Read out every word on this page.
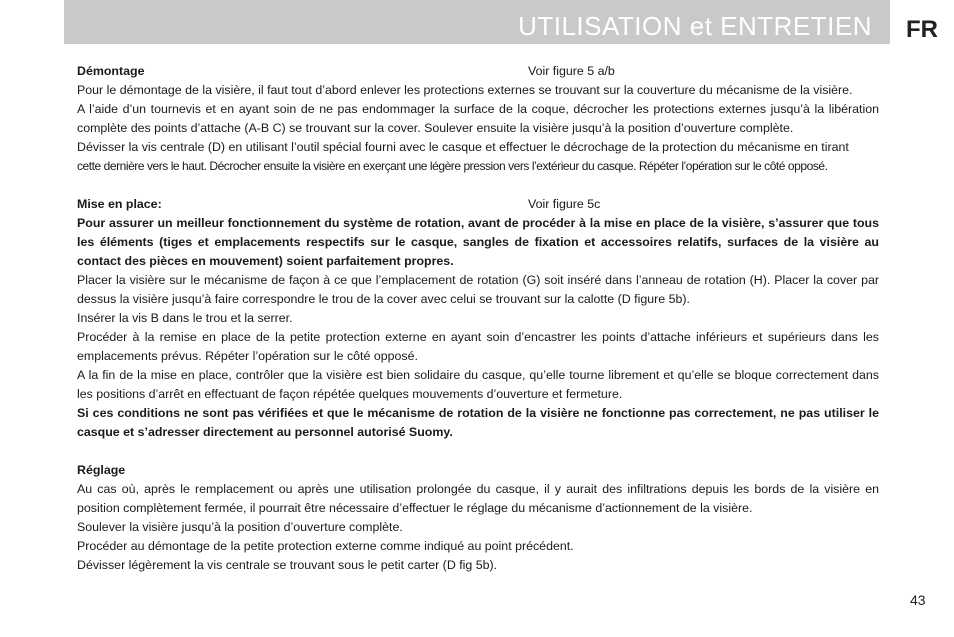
UTILISATION et ENTRETIEN FR
Démontage	Voir figure 5 a/b

Pour le démontage de la visière, il faut tout d’abord enlever les protections externes se trouvant sur la couverture du mécanisme de la visière.

A l’aide d’un tournevis et en ayant soin de ne pas endommager la surface de la coque, décrocher les protections externes jusqu’à la libération complète des points d’attache (A-B C) se trouvant sur la cover. Soulever ensuite la visière jusqu’à la position d’ouverture complète.

Dévisser la vis centrale (D) en utilisant l’outil spécial fourni avec le casque et effectuer le décrochage de la protection du mécanisme en tirant

cette dernière vers le haut. Décrocher ensuite la visière en exerçant une légère pression vers l’extérieur du casque. Répéter l’opération sur le côté opposé.

Mise en place:	Voir figure 5c

Pour assurer un meilleur fonctionnement du système de rotation, avant de procéder à la mise en place de la visière, s’assurer que tous les éléments (tiges et emplacements respectifs sur le casque, sangles de fixation et accessoires relatifs, surfaces de la visière au contact des pièces en mouvement) soient parfaitement propres.

Placer la visière sur le mécanisme de façon à ce que l’emplacement de rotation (G) soit inséré dans l’anneau de rotation (H). Placer la cover par dessus la visière jusqu’à faire correspondre le trou de la cover avec celui se trouvant sur la calotte (D figure 5b).

Insérer la vis B dans le trou et la serrer.

Procéder à la remise en place de la petite protection externe en ayant soin d’encastrer les points d’attache inférieurs et supérieurs dans les emplacements prévus. Répéter l’opération sur le côté opposé.

A la fin de la mise en place, contrôler que la visière est bien solidaire du casque, qu’elle tourne librement et qu’elle se bloque correctement dans les positions d’arrêt en effectuant de façon répétée quelques mouvements d’ouverture et fermeture.

Si ces conditions ne sont pas vérifiées et que le mécanisme de rotation de la visière ne fonctionne pas correctement, ne pas utiliser le casque et s’adresser directement au personnel autorisé Suomy.

Réglage

Au cas où, après le remplacement ou après une utilisation prolongée du casque, il y aurait des infiltrations depuis les bords de la visière en position complètement fermée, il pourrait être nécessaire d’effectuer le réglage du mécanisme d’actionnement de la visière.

Soulever la visière jusqu’à la position d’ouverture complète.

Procéder au démontage de la petite protection externe comme indiqué au point précédent.

Dévisser légèrement la vis centrale se trouvant sous le petit carter (D fig 5b).

43
